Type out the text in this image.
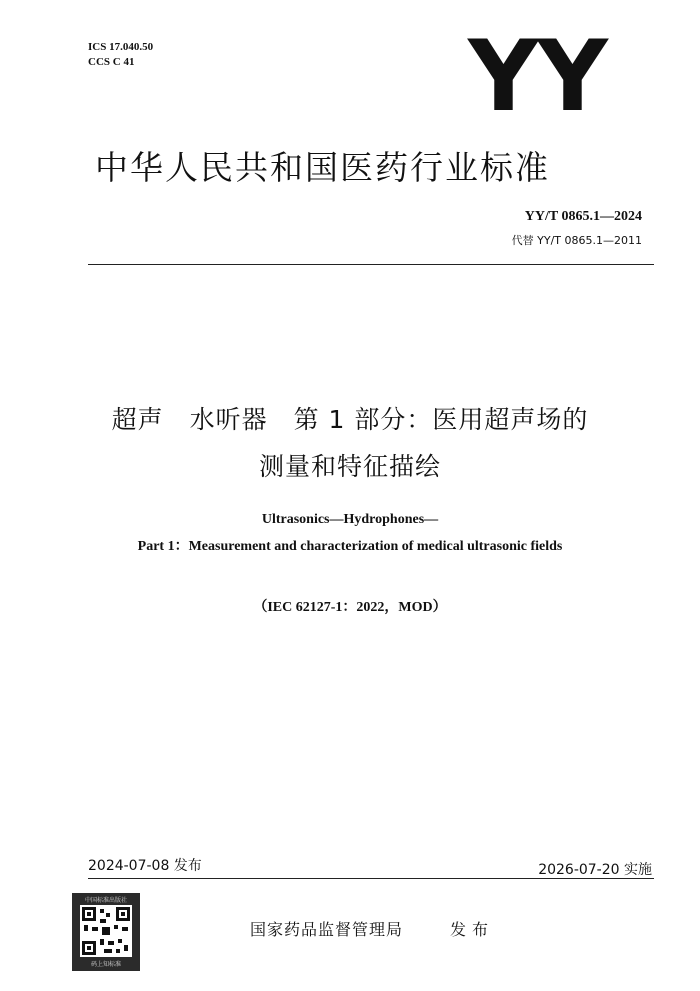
ICS 17.040.50
CCS C 41	YY
中华人民共和国医药行业标准
YY/T 0865.1—2024
代替 YY/T 0865.1—2011
超声　水听器　第 1 部分：医用超声场的
测量和特征描绘
Ultrasonics—Hydrophones—
Part 1：Measurement and characterization of medical ultrasonic fields
（IEC 62127-1：2022，MOD）
2024-07-08 发布	2026-07-20 实施
中国标准出版社
码上知标准
国家药品监督管理局	发布
